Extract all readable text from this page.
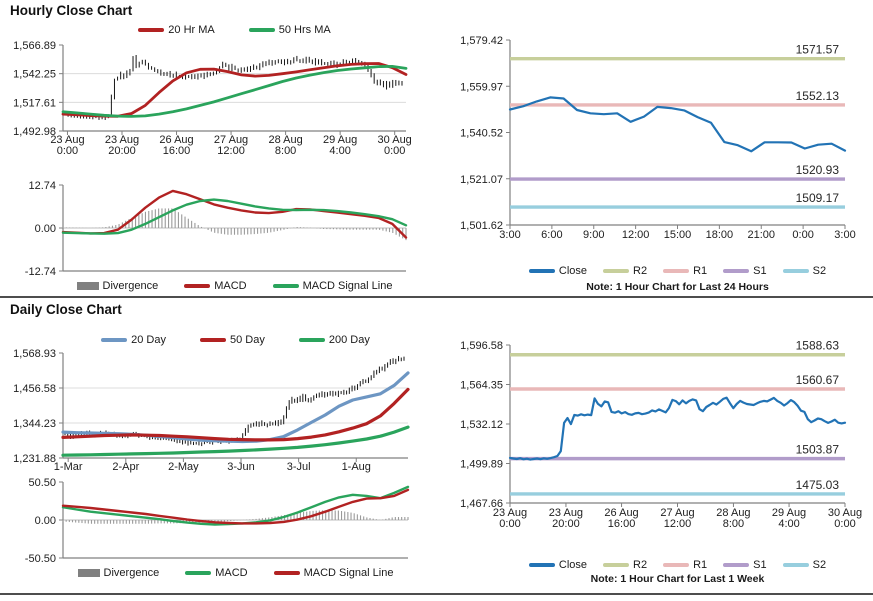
Hourly Close Chart
20 Hr MA	50 Hrs MA
Divergence	MACD	MACD Signal Line
Close	R2	R1	S1	S2
Note: 1 Hour Chart for Last 24 Hours
Daily Close Chart
20 Day	50 Day	200 Day
Divergence	MACD	MACD Signal Line
Close	R2	R1	S1	S2
Note: 1 Hour Chart for Last 1 Week
1,566.89
1,542.25
1,517.61
1,492.98
23 Aug
0:00
23 Aug
20:00
26 Aug
16:00
27 Aug
12:00
28 Aug
8:00
29 Aug
4:00
30 Aug
0:00
12.74
0.00
-12.74
1,579.42
1,559.97
1,540.52
1,521.07
1,501.62
3:00 6:00 9:00 12:00 15:00 18:00 21:00 0:00 3:00
1571.57
1552.13
1520.93
1509.17
1,568.93
1,456.58
1,344.23
1,231.88
1-Mar	2-Apr	2-May	3-Jun	3-Jul	1-Aug
50.50
0.00
-50.50
1,596.58
1,564.35
1,532.12
1,499.89
1,467.66
23 Aug
0:00
23 Aug
20:00
26 Aug
16:00
27 Aug
12:00
28 Aug
8:00
29 Aug
4:00
30 Aug
0:00
1588.63
1560.67
1503.87
1475.03
